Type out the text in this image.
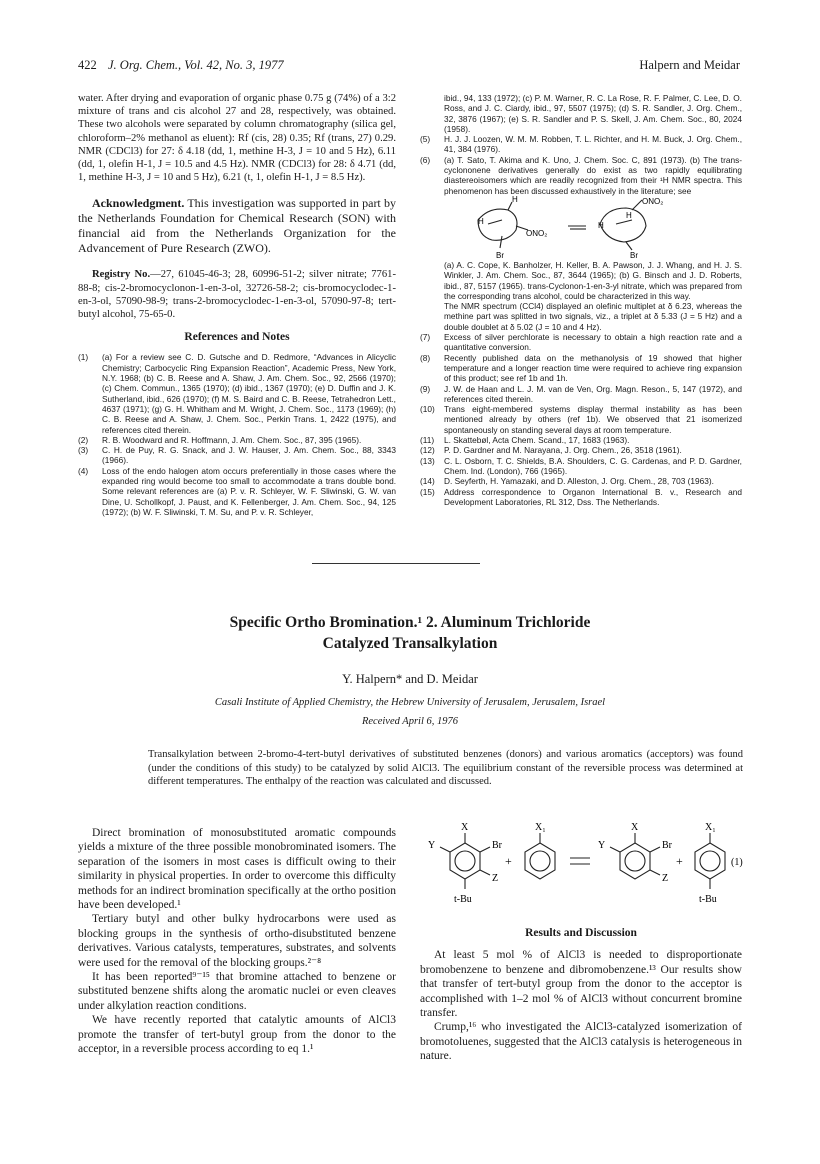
422 J. Org. Chem., Vol. 42, No. 3, 1977	Halpern and Meidar

water. After drying and evaporation of organic phase 0.75 g (74%) of a 3:2 mixture of trans and cis alcohol 27 and 28, respectively, was obtained. These two alcohols were separated by column chromatography (silica gel, chloroform–2% methanol as eluent): Rf (cis, 28) 0.35; Rf (trans, 27) 0.29. NMR (CDCl3) for 27: δ 4.18 (dd, 1, methine H-3, J = 10 and 5 Hz), 6.11 (dd, 1, olefin H-1, J = 10.5 and 4.5 Hz). NMR (CDCl3) for 28: δ 4.71 (dd, 1, methine H-3, J = 10 and 5 Hz), 6.21 (t, 1, olefin H-1, J = 8.5 Hz).

Acknowledgment. This investigation was supported in part by the Netherlands Foundation for Chemical Research (SON) with financial aid from the Netherlands Organization for the Advancement of Pure Research (ZWO).

Registry No.—27, 61045-46-3; 28, 60996-51-2; silver nitrate; 7761-88-8; cis-2-bromocyclonon-1-en-3-ol, 32726-58-2; cis-bromocyclodec-1-en-3-ol, 57090-98-9; trans-2-bromocyclodec-1-en-3-ol, 57090-97-8; tert-butyl alcohol, 75-65-0.

References and Notes
(1)	(a) For a review see C. D. Gutsche and D. Redmore, “Advances in Alicyclic Chemistry; Carbocyclic Ring Expansion Reaction”, Academic Press, New York, N.Y. 1968; (b) C. B. Reese and A. Shaw, J. Am. Chem. Soc., 92, 2566 (1970); (c) Chem. Commun., 1365 (1970); (d) ibid., 1367 (1970); (e) D. Duffin and J. K. Sutherland, ibid., 626 (1970); (f) M. S. Baird and C. B. Reese, Tetrahedron Lett., 4637 (1971); (g) G. H. Whitham and M. Wright, J. Chem. Soc., 1173 (1969); (h) C. B. Reese and A. Shaw, J. Chem. Soc., Perkin Trans. 1, 2422 (1975), and references cited therein.
(2)	R. B. Woodward and R. Hoffmann, J. Am. Chem. Soc., 87, 395 (1965).
(3)	C. H. de Puy, R. G. Snack, and J. W. Hauser, J. Am. Chem. Soc., 88, 3343 (1966).
(4)	Loss of the endo halogen atom occurs preferentially in those cases where the expanded ring would become too small to accommodate a trans double bond. Some relevant references are (a) P. v. R. Schleyer, W. F. Sliwinski, G. W. van Dine, U. Schollkopf, J. Paust, and K. Fellenberger, J. Am. Chem. Soc., 94, 125 (1972); (b) W. F. Sliwinski, T. M. Su, and P. v. R. Schleyer,
ibid., 94, 133 (1972); (c) P. M. Warner, R. C. La Rose, R. F. Palmer, C. Lee, D. O. Ross, and J. C. Ciardy, ibid., 97, 5507 (1975); (d) S. R. Sandler, J. Org. Chem., 32, 3876 (1967); (e) S. R. Sandler and P. S. Skell, J. Am. Chem. Soc., 80, 2024 (1958).
(5)	H. J. J. Loozen, W. M. M. Robben, T. L. Richter, and H. M. Buck, J. Org. Chem., 41, 384 (1976).
(6)	(a) T. Sato, T. Akima and K. Uno, J. Chem. Soc. C, 891 (1973). (b) The trans-cyclononene derivatives generally do exist as two rapidly equilibrating diastereoisomers which are readily recognized from their ¹H NMR spectra. This phenomenon has been discussed exhaustively in the literature; see
H
H
ONO₂
Br
H
H
ONO₂
Br
(a) A. C. Cope, K. Banholzer, H. Keller, B. A. Pawson, J. J. Whang, and H. J. S. Winkler, J. Am. Chem. Soc., 87, 3644 (1965); (b) G. Binsch and J. D. Roberts, ibid., 87, 5157 (1965). trans-Cyclonon-1-en-3-yl nitrate, which was prepared from the corresponding trans alcohol, could be characterized in this way.
The NMR spectrum (CCl4) displayed an olefinic multiplet at δ 6.23, whereas the methine part was splitted in two signals, viz., a triplet at δ 5.33 (J = 5 Hz) and a double doublet at δ 5.02 (J = 10 and 4 Hz).
(7)	Excess of silver perchlorate is necessary to obtain a high reaction rate and a quantitative conversion.
(8)	Recently published data on the methanolysis of 19 showed that higher temperature and a longer reaction time were required to achieve ring expansion of this product; see ref 1b and 1h.
(9)	J. W. de Haan and L. J. M. van de Ven, Org. Magn. Reson., 5, 147 (1972), and references cited therein.
(10)	Trans eight-membered systems display thermal instability as has been mentioned already by others (ref 1b). We observed that 21 isomerized spontaneously on standing several days at room temperature.
(11)	L. Skattebøl, Acta Chem. Scand., 17, 1683 (1963).
(12)	P. D. Gardner and M. Narayana, J. Org. Chem., 26, 3518 (1961).
(13)	C. L. Osborn, T. C. Shields, B.A. Shoulders, C. G. Cardenas, and P. D. Gardner, Chem. Ind. (London), 766 (1965).
(14)	D. Seyferth, H. Yamazaki, and D. Alleston, J. Org. Chem., 28, 703 (1963).
(15)	Address correspondence to Organon International B. v., Research and Development Laboratories, RL 312, Dss. The Netherlands.
Specific Ortho Bromination.¹ 2. Aluminum Trichloride
Catalyzed Transalkylation
Y. Halpern* and D. Meidar
Casali Institute of Applied Chemistry, the Hebrew University of Jerusalem, Jerusalem, Israel
Received April 6, 1976
Transalkylation between 2-bromo-4-tert-butyl derivatives of substituted benzenes (donors) and various aromatics (acceptors) was found (under the conditions of this study) to be catalyzed by solid AlCl3. The equilibrium constant of the reversible process was determined at different temperatures. The enthalpy of the reaction was calculated and discussed.

Direct bromination of monosubstituted aromatic compounds yields a mixture of the three possible monobrominated isomers. The separation of the isomers in most cases is difficult owing to their similarity in physical properties. In order to overcome this difficulty methods for an indirect bromination specifically at the ortho position have been developed.¹

Tertiary butyl and other bulky hydrocarbons were used as blocking groups in the synthesis of ortho-disubstituted benzene derivatives. Various catalysts, temperatures, substrates, and solvents were used for the removal of the blocking groups.²⁻⁸

It has been reported⁹⁻¹⁵ that bromine attached to benzene or substituted benzene shifts along the aromatic nuclei or even cleaves under alkylation reaction conditions.

We have recently reported that catalytic amounts of AlCl3 promote the transfer of tert-butyl group from the donor to the acceptor, in a reversible process according to eq 1.¹

X
Y	Br
Z
t-Bu
+
X₁	X
Y	Br
Z
+
X₁
t-Bu
(1)
Results and Discussion

At least 5 mol % of AlCl3 is needed to disproportionate bromobenzene to benzene and dibromobenzene.¹³ Our results show that transfer of tert-butyl group from the donor to the acceptor is accomplished with 1–2 mol % of AlCl3 without concurrent bromine transfer.

Crump,¹⁶ who investigated the AlCl3-catalyzed isomerization of bromotoluenes, suggested that the AlCl3 catalysis is heterogeneous in nature.
